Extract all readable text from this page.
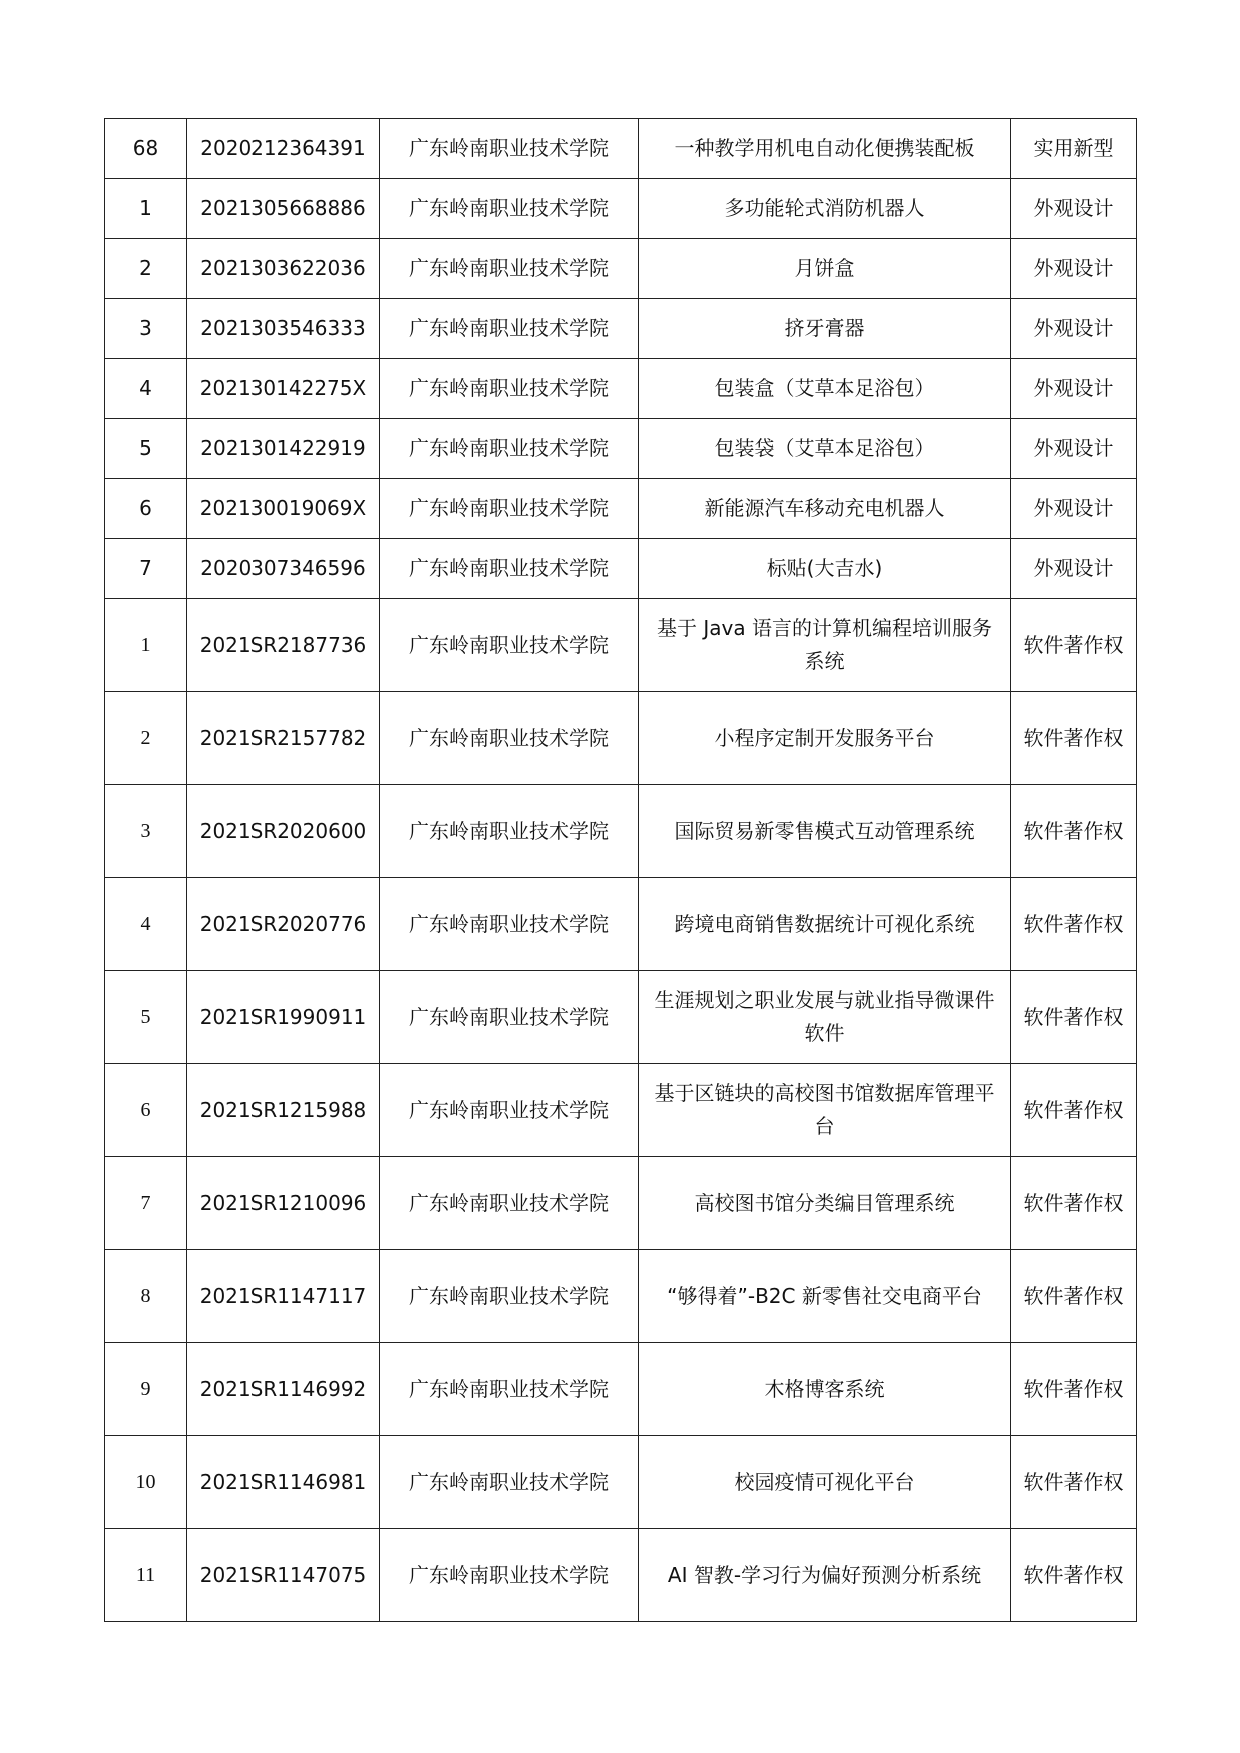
68	2020212364391	广东岭南职业技术学院	一种教学用机电自动化便携装配板	实用新型
1	2021305668886	广东岭南职业技术学院	多功能轮式消防机器人	外观设计
2	2021303622036	广东岭南职业技术学院	月饼盒	外观设计
3	2021303546333	广东岭南职业技术学院	挤牙膏器	外观设计
4	202130142275X	广东岭南职业技术学院	包装盒（艾草本足浴包）	外观设计
5	2021301422919	广东岭南职业技术学院	包装袋（艾草本足浴包）	外观设计
6	202130019069X	广东岭南职业技术学院	新能源汽车移动充电机器人	外观设计
7	2020307346596	广东岭南职业技术学院	标贴(大吉水)	外观设计
1	2021SR2187736	广东岭南职业技术学院	基于 Java 语言的计算机编程培训服务系统	软件著作权
2	2021SR2157782	广东岭南职业技术学院	小程序定制开发服务平台	软件著作权
3	2021SR2020600	广东岭南职业技术学院	国际贸易新零售模式互动管理系统	软件著作权
4	2021SR2020776	广东岭南职业技术学院	跨境电商销售数据统计可视化系统	软件著作权
5	2021SR1990911	广东岭南职业技术学院	生涯规划之职业发展与就业指导微课件软件	软件著作权
6	2021SR1215988	广东岭南职业技术学院	基于区链块的高校图书馆数据库管理平台	软件著作权
7	2021SR1210096	广东岭南职业技术学院	高校图书馆分类编目管理系统	软件著作权
8	2021SR1147117	广东岭南职业技术学院	“够得着”-B2C 新零售社交电商平台	软件著作权
9	2021SR1146992	广东岭南职业技术学院	木格博客系统	软件著作权
10	2021SR1146981	广东岭南职业技术学院	校园疫情可视化平台	软件著作权
11	2021SR1147075	广东岭南职业技术学院	AI 智教-学习行为偏好预测分析系统	软件著作权
